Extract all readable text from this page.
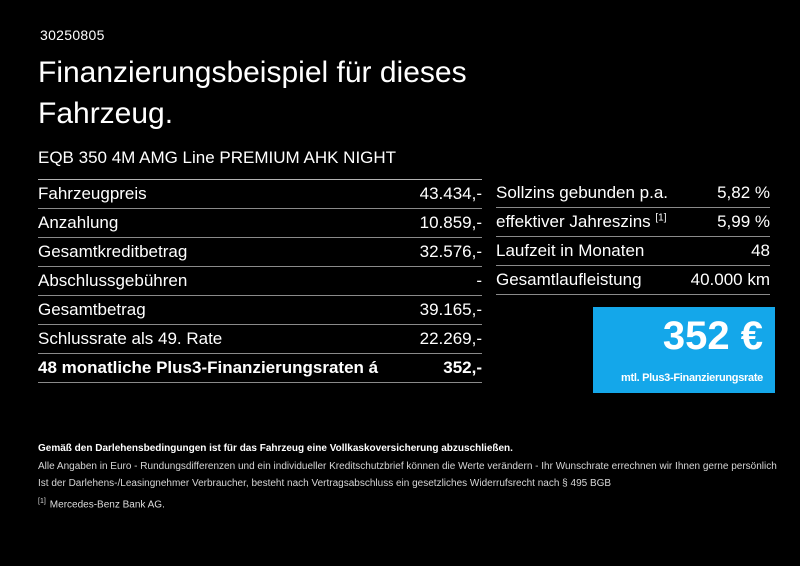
30250805
Finanzierungsbeispiel für dieses
Fahrzeug.
EQB 350 4M AMG Line PREMIUM AHK NIGHT
Fahrzeugpreis	43.434,-
Anzahlung	10.859,-
Gesamtkreditbetrag	32.576,-
Abschlussgebühren	-
Gesamtbetrag	39.165,-
Schlussrate als 49. Rate	22.269,-
48 monatliche Plus3-Finanzierungsraten á	352,-
Sollzins gebunden p.a.	5,82 %
effektiver Jahreszins [1]	5,99 %
Laufzeit in Monaten	48
Gesamtlaufleistung	40.000 km
352 €
mtl. Plus3-Finanzierungsrate
Gemäß den Darlehensbedingungen ist für das Fahrzeug eine Vollkaskoversicherung abzuschließen.
Alle Angaben in Euro - Rundungsdifferenzen und ein individueller Kreditschutzbrief können die Werte verändern - Ihr Wunschrate errechnen wir Ihnen gerne persönlich
Ist der Darlehens-/Leasingnehmer Verbraucher, besteht nach Vertragsabschluss ein gesetzliches Widerrufsrecht nach § 495 BGB
[1] Mercedes-Benz Bank AG.
